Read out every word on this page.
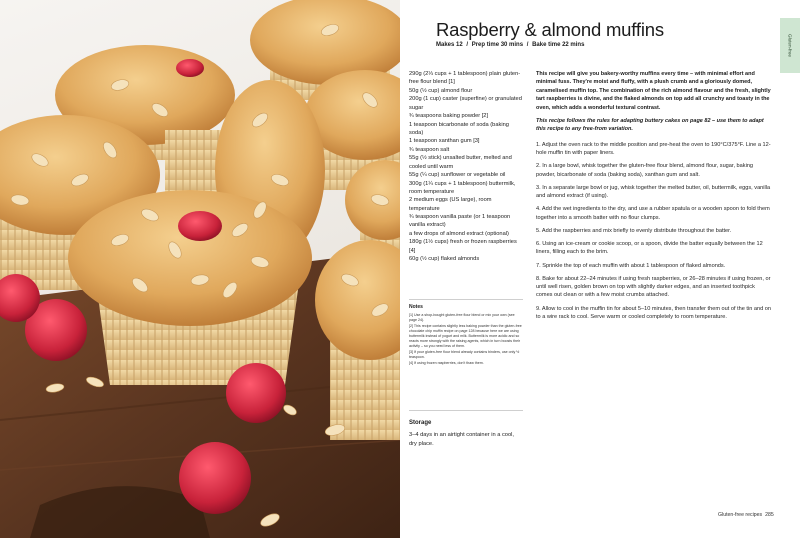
Gluten-free
Raspberry & almond muffins
Makes 12 / Prep time 30 mins / Bake time 22 mins

290g (2⅓ cups + 1 tablespoon) plain gluten-free flour blend [1]

50g (½ cup) almond flour

200g (1 cup) caster (superfine) or granulated sugar

¾ teaspoons baking powder [2]

1 teaspoon bicarbonate of soda (baking soda)

1 teaspoon xanthan gum [3]

¾ teaspoon salt

55g (½ stick) unsalted butter, melted and cooled until warm

55g (¼ cup) sunflower or vegetable oil

300g (1¼ cups + 1 tablespoon) buttermilk, room temperature

2 medium eggs (US large), room temperature

¾ teaspoon vanilla paste (or 1 teaspoon vanilla extract)

a few drops of almond extract (optional)

180g (1½ cups) fresh or frozen raspberries [4]

60g (½ cup) flaked almonds

Notes

[1] Use a shop-bought gluten-free flour blend or mix your own (see page 24).

[2] This recipe contains slightly less baking powder than the gluten-free chocolate chip muffin recipe on page 128 because here we are using buttermilk instead of yogurt and milk. Buttermilk is more acidic and so reacts more strongly with the raising agents, which in turn boosts their activity – so you need less of them.

[3] If your gluten-free flour blend already contains binders, use only ½ teaspoon.

[4] If using frozen raspberries, don't thaw them.

Storage

3–4 days in an airtight container in a cool, dry place.

This recipe will give you bakery-worthy muffins every time – with minimal effort and minimal fuss. They're moist and fluffy, with a plush crumb and a gloriously domed, caramelised muffin top. The combination of the rich almond flavour and the fresh, slightly tart raspberries is divine, and the flaked almonds on top add all crunchy and toasty in the oven, which adds a wonderful textural contrast.

This recipe follows the rules for adapting buttery cakes on page 82 – use them to adapt this recipe to any free-from variation.

1. Adjust the oven rack to the middle position and pre-heat the oven to 190°C/375°F. Line a 12-hole muffin tin with paper liners.

2. In a large bowl, whisk together the gluten-free flour blend, almond flour, sugar, baking powder, bicarbonate of soda (baking soda), xanthan gum and salt.

3. In a separate large bowl or jug, whisk together the melted butter, oil, buttermilk, eggs, vanilla and almond extract (if using).

4. Add the wet ingredients to the dry, and use a rubber spatula or a wooden spoon to fold them together into a smooth batter with no flour clumps.

5. Add the raspberries and mix briefly to evenly distribute throughout the batter.

6. Using an ice-cream or cookie scoop, or a spoon, divide the batter equally between the 12 liners, filling each to the brim.

7. Sprinkle the top of each muffin with about 1 tablespoon of flaked almonds.

8. Bake for about 22–24 minutes if using fresh raspberries, or 26–28 minutes if using frozen, or until well risen, golden brown on top with slightly darker edges, and an inserted toothpick comes out clean or with a few moist crumbs attached.

9. Allow to cool in the muffin tin for about 5–10 minutes, then transfer them out of the tin and on to a wire rack to cool. Serve warm or cooled completely to room temperature.

Gluten-free recipes 285
